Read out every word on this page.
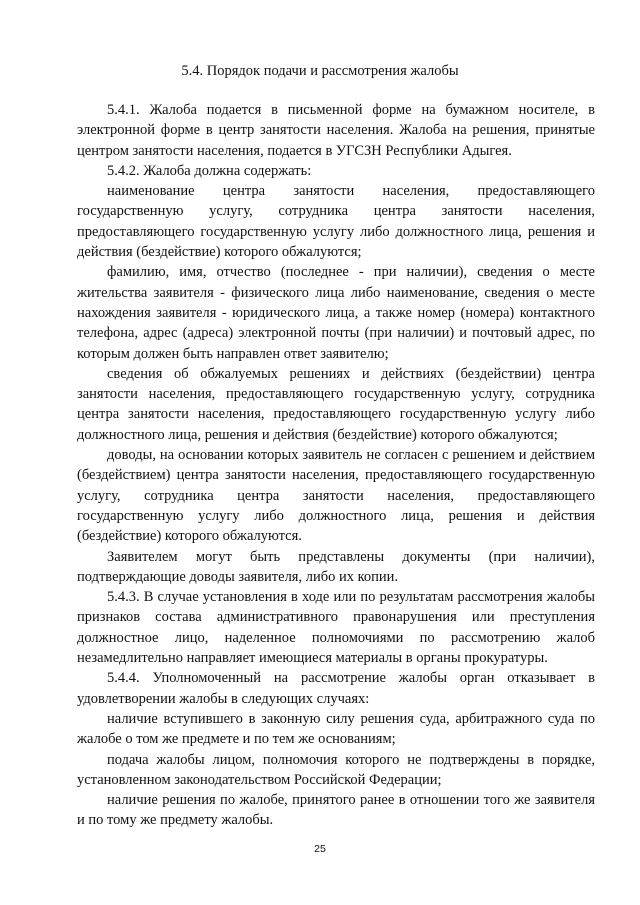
5.4. Порядок подачи и рассмотрения жалобы

5.4.1. Жалоба подается в письменной форме на бумажном носителе, в электронной форме в центр занятости населения. Жалоба на решения, принятые центром занятости населения, подается в УГСЗН Республики Адыгея.

5.4.2. Жалоба должна содержать:

наименование центра занятости населения, предоставляющего государственную услугу, сотрудника центра занятости населения, предоставляющего государственную услугу либо должностного лица, решения и действия (бездействие) которого обжалуются;

фамилию, имя, отчество (последнее - при наличии), сведения о месте жительства заявителя - физического лица либо наименование, сведения о месте нахождения заявителя - юридического лица, а также номер (номера) контактного телефона, адрес (адреса) электронной почты (при наличии) и почтовый адрес, по которым должен быть направлен ответ заявителю;

сведения об обжалуемых решениях и действиях (бездействии) центра занятости населения, предоставляющего государственную услугу, сотрудника центра занятости населения, предоставляющего государственную услугу либо должностного лица, решения и действия (бездействие) которого обжалуются;

доводы, на основании которых заявитель не согласен с решением и действием (бездействием) центра занятости населения, предоставляющего государственную услугу, сотрудника центра занятости населения, предоставляющего государственную услугу либо должностного лица, решения и действия (бездействие) которого обжалуются.

Заявителем могут быть представлены документы (при наличии), подтверждающие доводы заявителя, либо их копии.

5.4.3. В случае установления в ходе или по результатам рассмотрения жалобы признаков состава административного правонарушения или преступления должностное лицо, наделенное полномочиями по рассмотрению жалоб незамедлительно направляет имеющиеся материалы в органы прокуратуры.

5.4.4. Уполномоченный на рассмотрение жалобы орган отказывает в удовлетворении жалобы в следующих случаях:

наличие вступившего в законную силу решения суда, арбитражного суда по жалобе о том же предмете и по тем же основаниям;

подача жалобы лицом, полномочия которого не подтверждены в порядке, установленном законодательством Российской Федерации;

наличие решения по жалобе, принятого ранее в отношении того же заявителя и по тому же предмету жалобы.

25
